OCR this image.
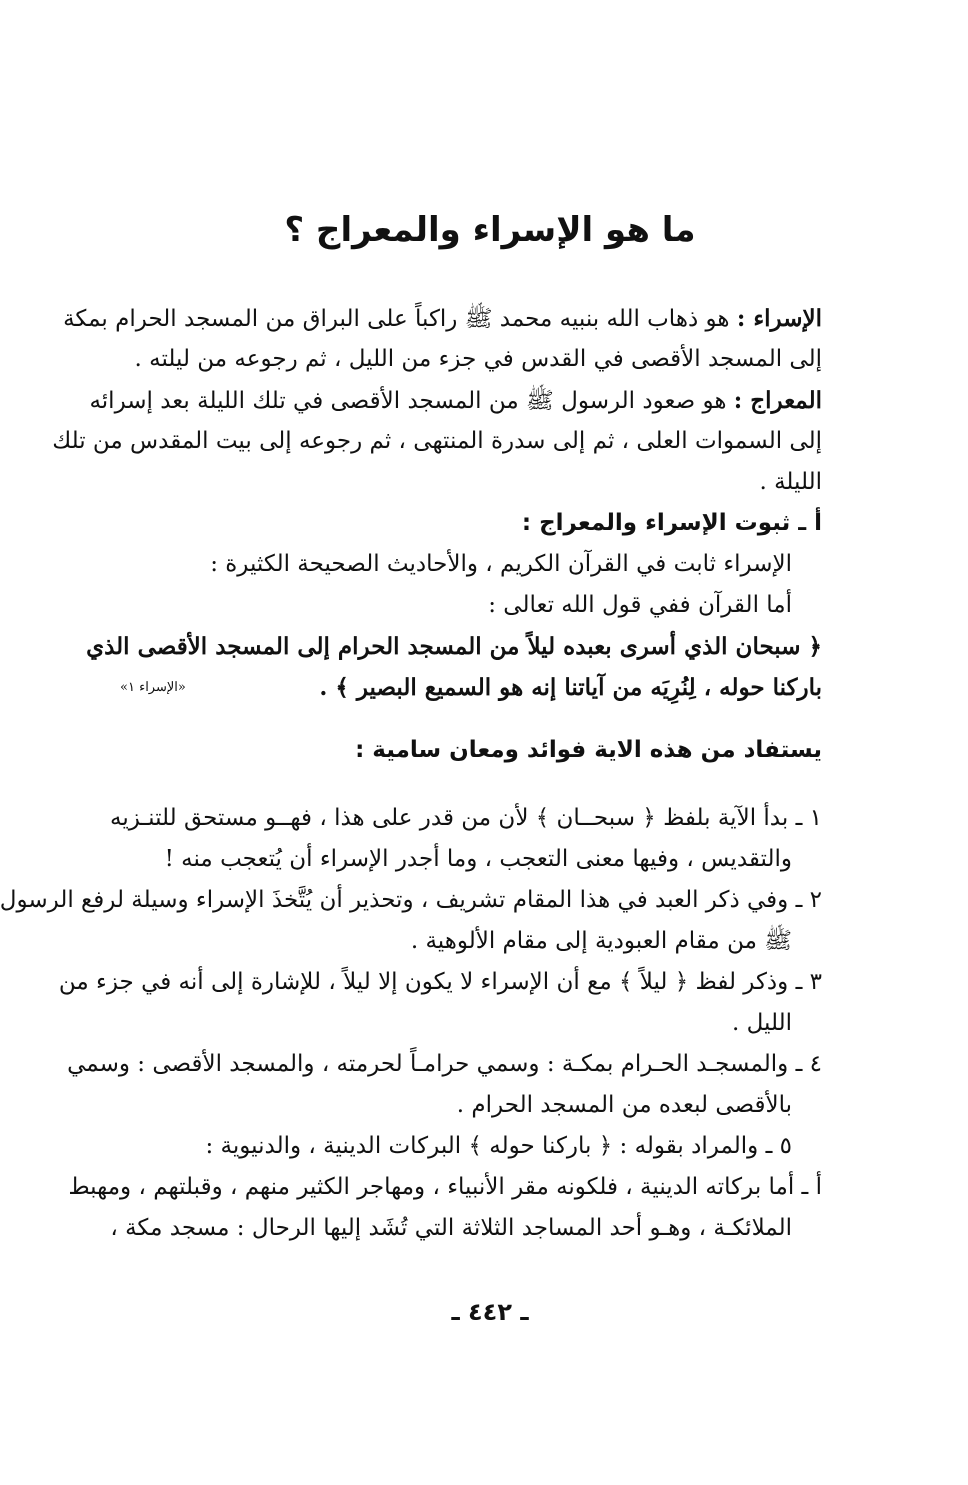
ما هو الإسراء والمعراج ؟
الإسراء : هو ذهاب الله بنبيه محمد ﷺ راكباً على البراق من المسجد الحرام بمكة
إلى المسجد الأقصى في القدس في جزء من الليل ، ثم رجوعه من ليلته .
المعراج : هو صعود الرسول ﷺ من المسجد الأقصى في تلك الليلة بعد إسرائه
إلى السموات العلى ، ثم إلى سدرة المنتهى ، ثم رجوعه إلى بيت المقدس من تلك
الليلة .
أ ـ ثبوت الإسراء والمعراج :
الإسراء ثابت في القرآن الكريم ، والأحاديث الصحيحة الكثيرة :
أما القرآن ففي قول الله تعالى :
﴿ سبحان الذي أسرى بعبده ليلاً من المسجد الحرام إلى المسجد الأقصى الذي
باركنا حوله ، لِنُرِيَه من آياتنا إنه هو السميع البصير ﴾ .
«الإسراء ١»
يستفاد من هذه الاية فوائد ومعان سامية :
١ ـ بدأ الآية بلفظ ﴿ سبحــان ﴾ لأن من قدر على هذا ، فهــو مستحق للتنـزيه
والتقديس ، وفيها معنى التعجب ، وما أجدر الإسراء أن يُتعجب منه !
٢ ـ وفي ذكر العبد في هذا المقام تشريف ، وتحذير أن يُتَّخذَ الإسراء وسيلة لرفع الرسول
ﷺ من مقام العبودية إلى مقام الألوهية .
٣ ـ وذكر لفظ ﴿ ليلاً ﴾ مع أن الإسراء لا يكون إلا ليلاً ، للإشارة إلى أنه في جزء من
الليل .
٤ ـ والمسجـد الحـرام بمكـة : وسمي حرامـاً لحرمته ، والمسجد الأقصى : وسمي
بالأقصى لبعده من المسجد الحرام .
٥ ـ والمراد بقوله : ﴿ باركنا حوله ﴾ البركات الدينية ، والدنيوية :
أ ـ أما بركاته الدينية ، فلكونه مقر الأنبياء ، ومهاجر الكثير منهم ، وقبلتهم ، ومهبط
الملائكـة ، وهـو أحد المساجد الثلاثة التي تُشَد إليها الرحال : مسجد مكة ،
ـ ٤٤٢ ـ
